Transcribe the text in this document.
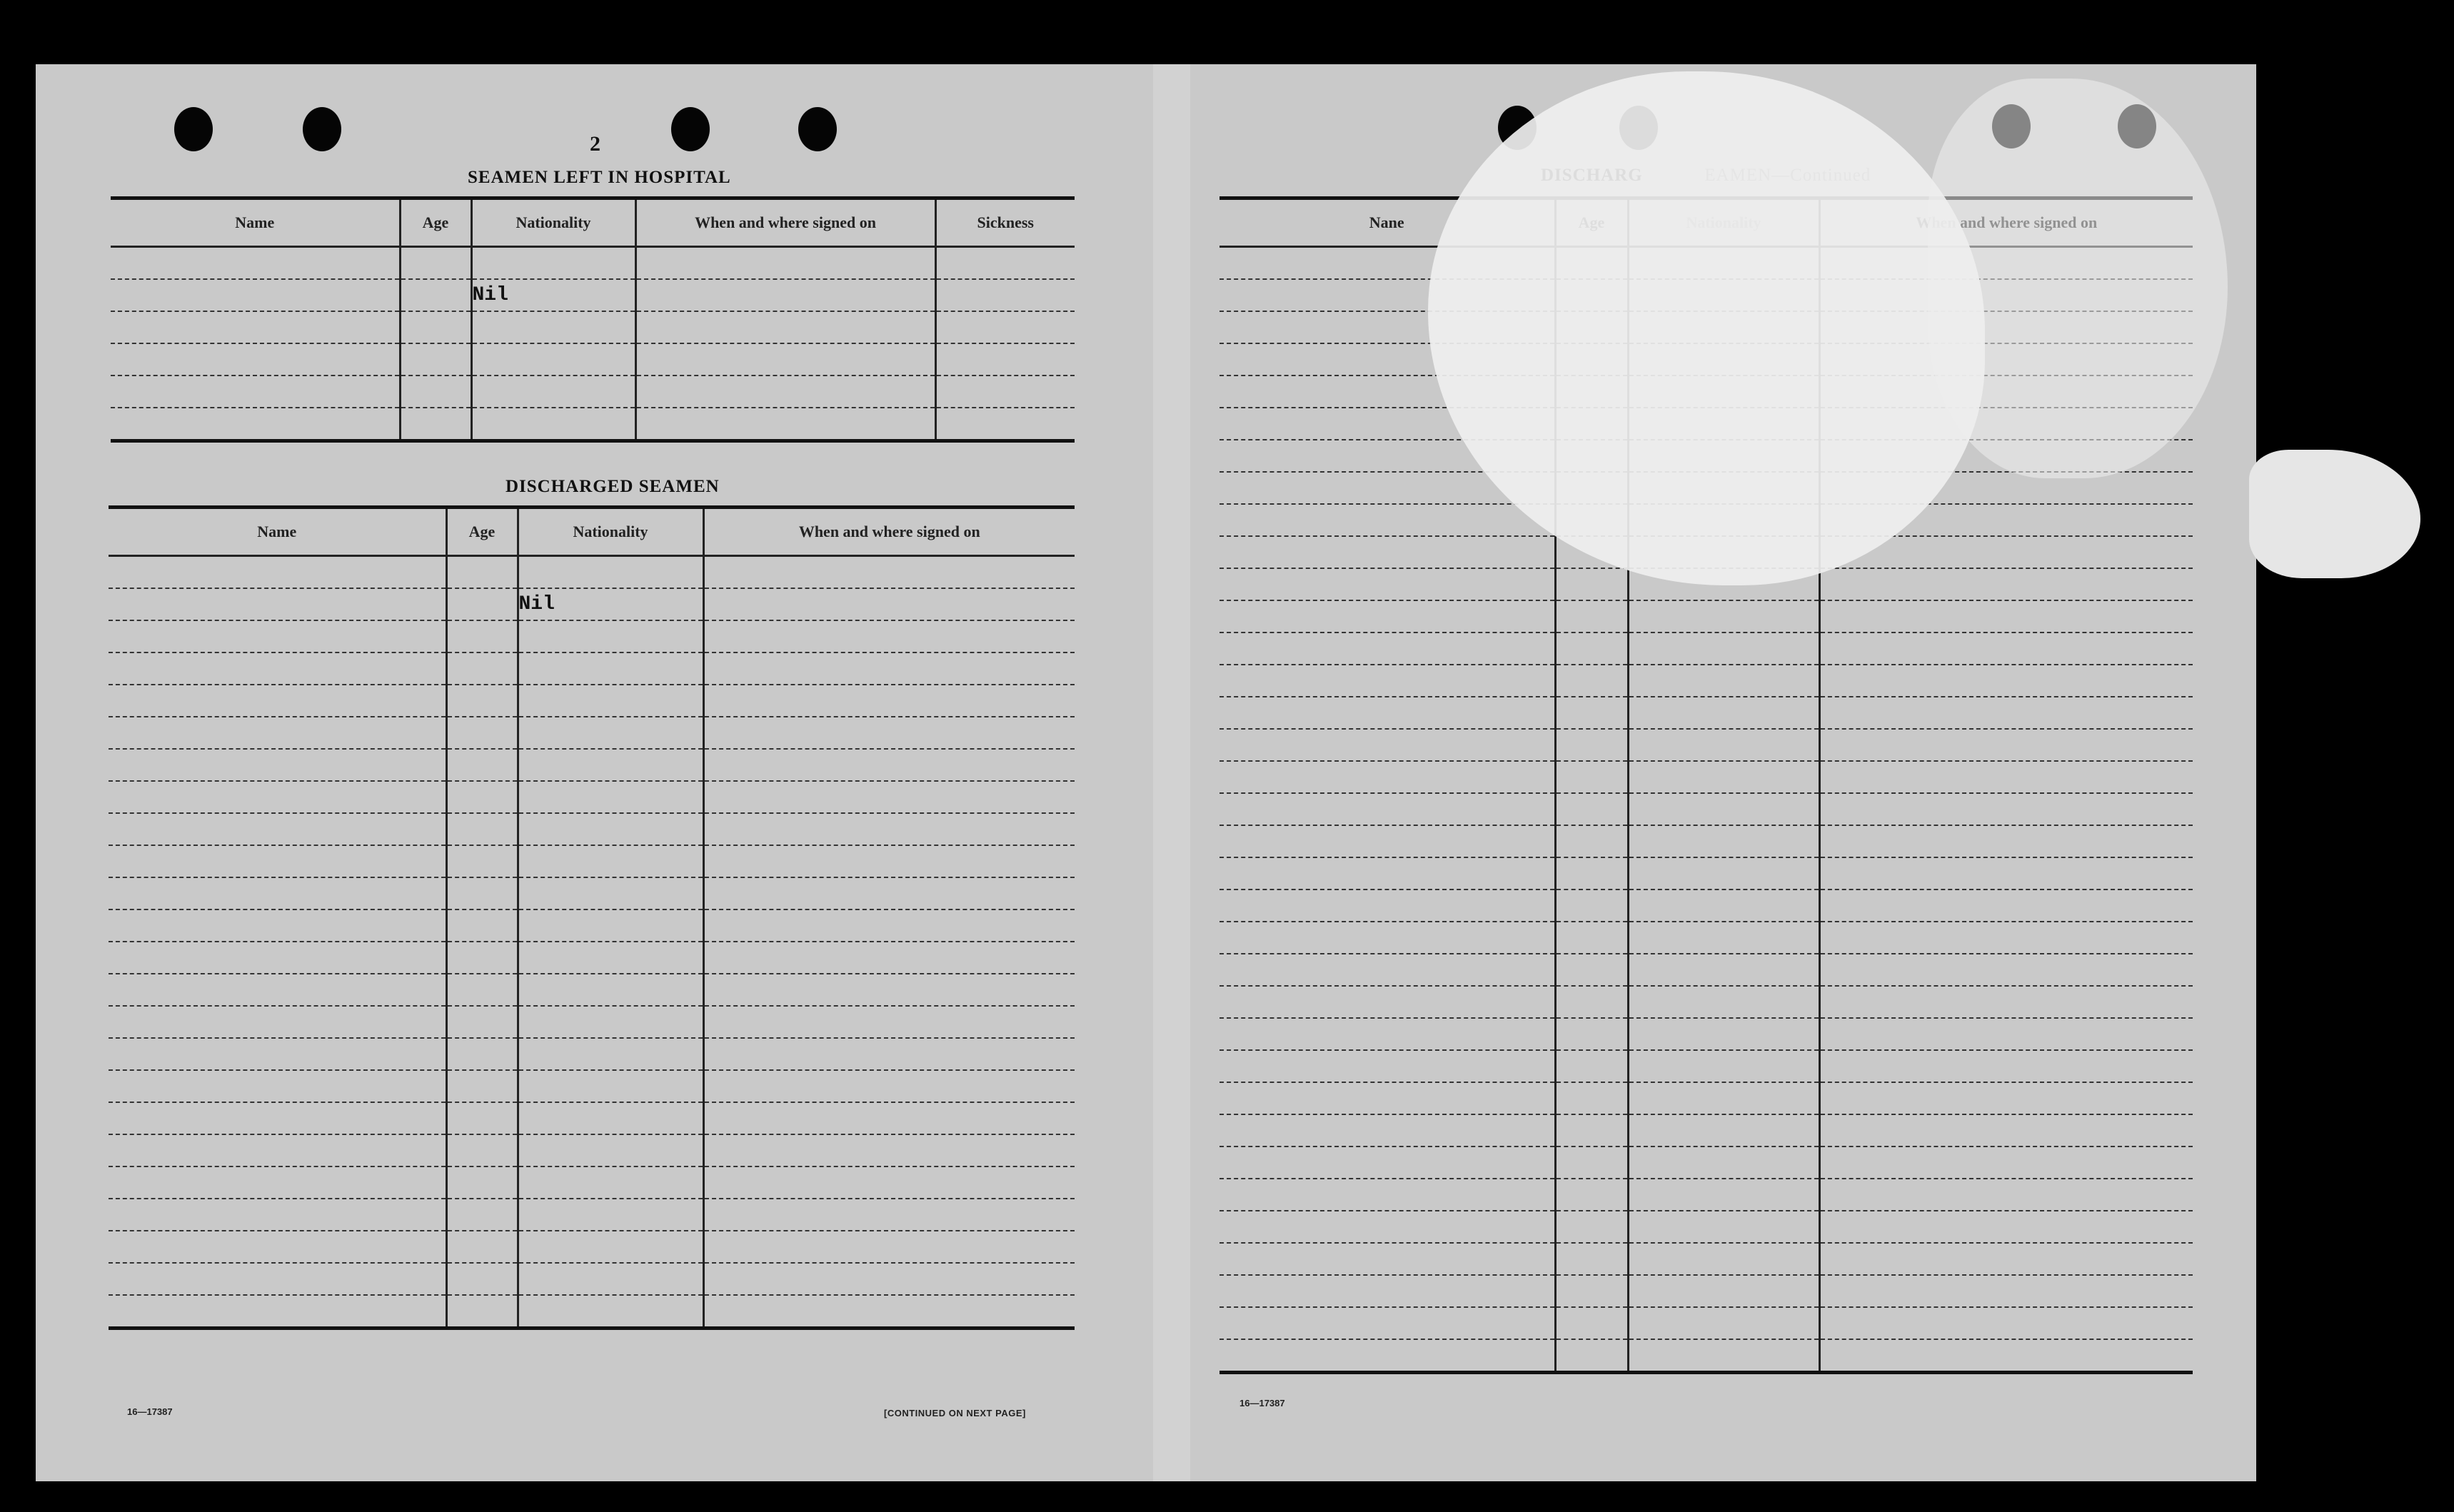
2
SEAMEN LEFT IN HOSPITAL
Name	Age	Nationality	When and where signed on	Sickness

		Nil		

DISCHARGED SEAMEN
Name	Age	Nationality	When and where signed on

		Nil	

16—17387	[CONTINUED ON NEXT PAGE]
Nane			

16—17387
